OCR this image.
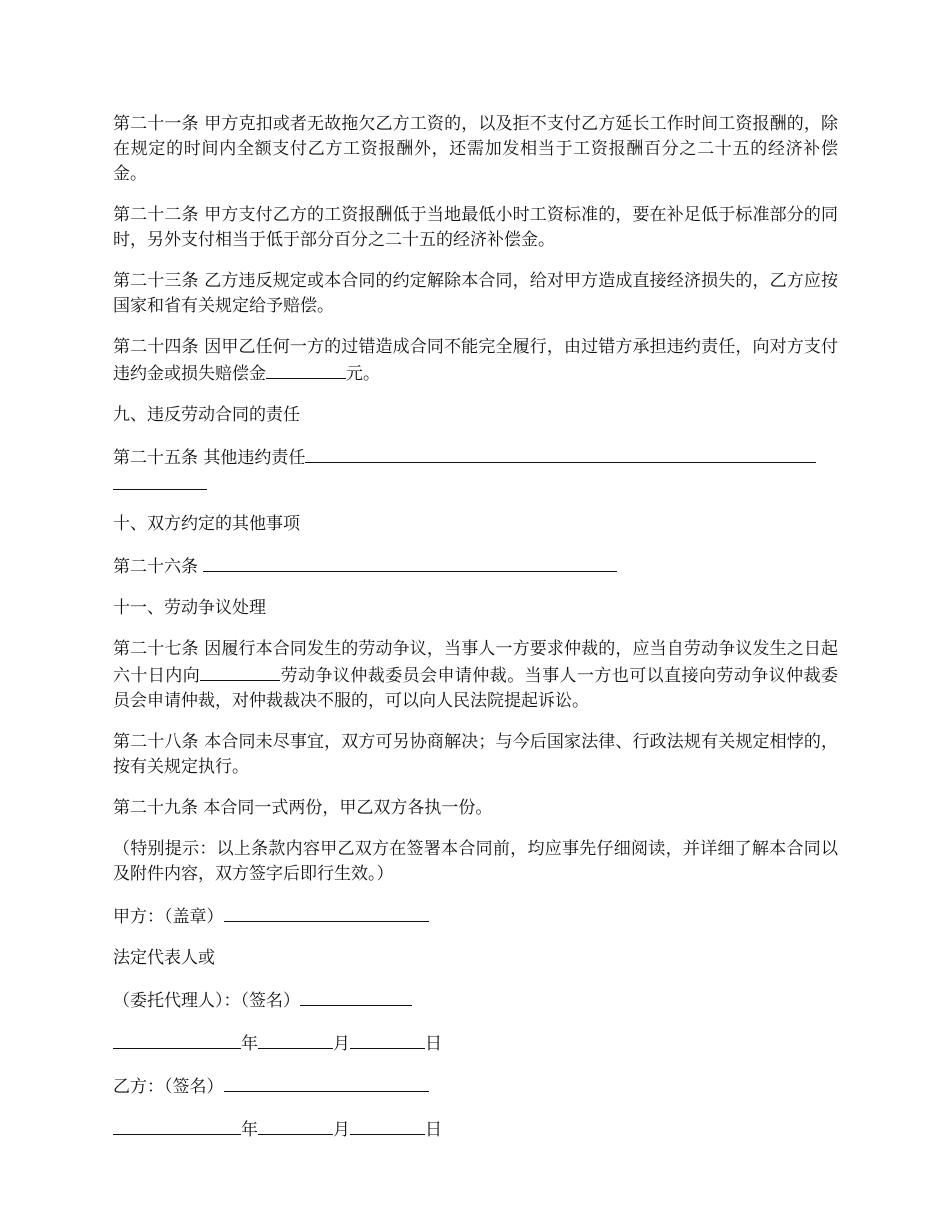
第二十一条 甲方克扣或者无故拖欠乙方工资的，以及拒不支付乙方延长工作时间工资报酬的，除在规定的时间内全额支付乙方工资报酬外，还需加发相当于工资报酬百分之二十五的经济补偿金。

第二十二条 甲方支付乙方的工资报酬低于当地最低小时工资标准的，要在补足低于标准部分的同时，另外支付相当于低于部分百分之二十五的经济补偿金。

第二十三条 乙方违反规定或本合同的约定解除本合同，给对甲方造成直接经济损失的，乙方应按国家和省有关规定给予赔偿。

第二十四条 因甲乙任何一方的过错造成合同不能完全履行，由过错方承担违约责任，向对方支付违约金或损失赔偿金	元。

九、违反劳动合同的责任

第二十五条 其他违约责任

十、双方约定的其他事项

第二十六条

十一、劳动争议处理

第二十七条 因履行本合同发生的劳动争议，当事人一方要求仲裁的，应当自劳动争议发生之日起六十日内向	劳动争议仲裁委员会申请仲裁。当事人一方也可以直接向劳动争议仲裁委员会申请仲裁，对仲裁裁决不服的，可以向人民法院提起诉讼。

第二十八条 本合同未尽事宜，双方可另协商解决；与今后国家法律、行政法规有关规定相悖的，按有关规定执行。

第二十九条 本合同一式两份，甲乙双方各执一份。

（特别提示：以上条款内容甲乙双方在签署本合同前，均应事先仔细阅读，并详细了解本合同以及附件内容，双方签字后即行生效。）

甲方：（盖章）

法定代表人或

（委托代理人）：（签名）

年	月	日

乙方：（签名）

年	月	日
